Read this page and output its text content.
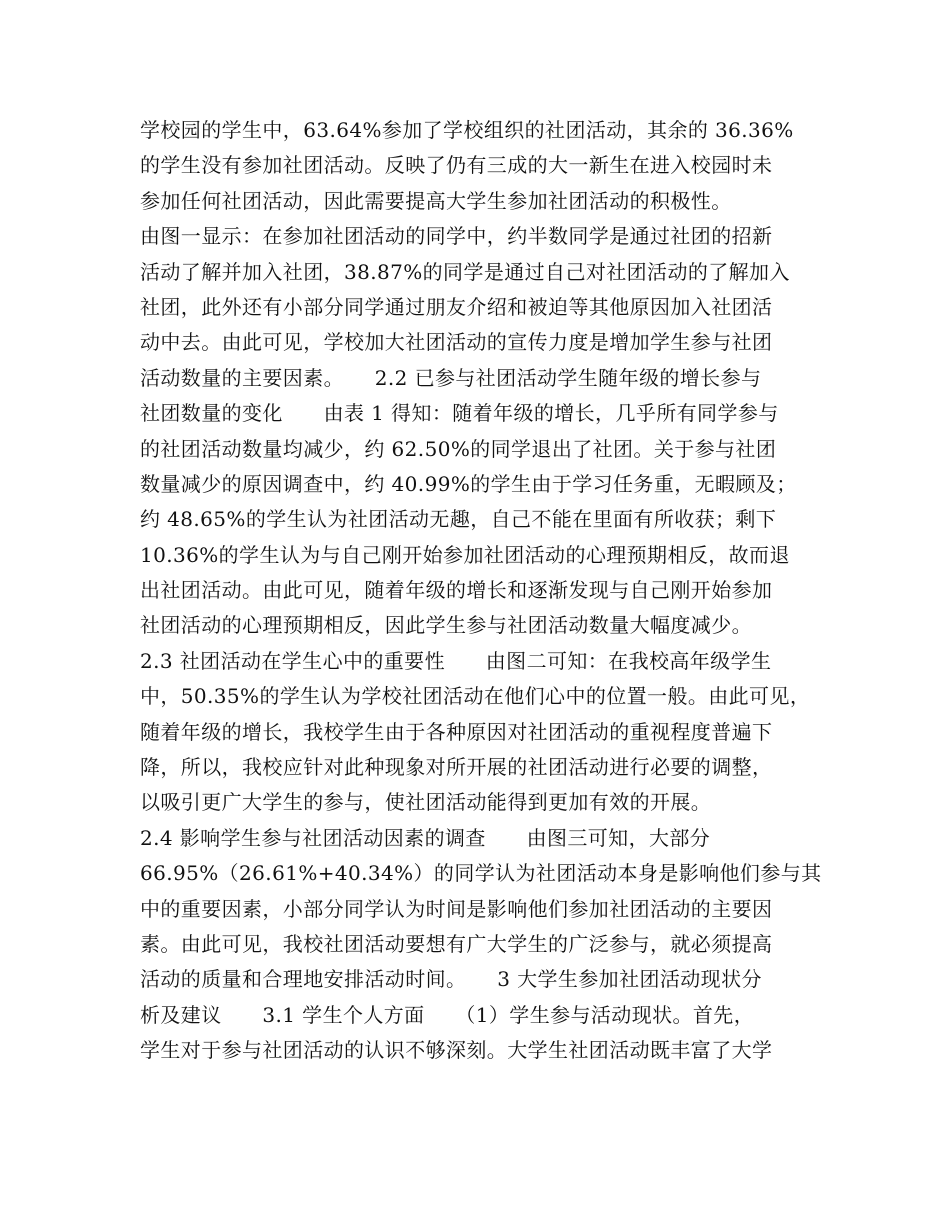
学校园的学生中，63.64%参加了学校组织的社团活动，其余的 36.36%
的学生没有参加社团活动。反映了仍有三成的大一新生在进入校园时未
参加任何社团活动，因此需要提高大学生参加社团活动的积极性。
由图一显示：在参加社团活动的同学中，约半数同学是通过社团的招新
活动了解并加入社团，38.87%的同学是通过自己对社团活动的了解加入
社团，此外还有小部分同学通过朋友介绍和被迫等其他原因加入社团活
动中去。由此可见，学校加大社团活动的宣传力度是增加学生参与社团
活动数量的主要因素。　　2.2 已参与社团活动学生随年级的增长参与
社团数量的变化　　由表 1 得知：随着年级的增长，几乎所有同学参与
的社团活动数量均减少，约 62.50%的同学退出了社团。关于参与社团
数量减少的原因调查中，约 40.99%的学生由于学习任务重，无暇顾及；
约 48.65%的学生认为社团活动无趣，自己不能在里面有所收获；剩下
10.36%的学生认为与自己刚开始参加社团活动的心理预期相反，故而退
出社团活动。由此可见，随着年级的增长和逐渐发现与自己刚开始参加
社团活动的心理预期相反，因此学生参与社团活动数量大幅度减少。
2.3 社团活动在学生心中的重要性　　由图二可知：在我校高年级学生
中，50.35%的学生认为学校社团活动在他们心中的位置一般。由此可见，
随着年级的增长，我校学生由于各种原因对社团活动的重视程度普遍下
降，所以，我校应针对此种现象对所开展的社团活动进行必要的调整，
以吸引更广大学生的参与，使社团活动能得到更加有效的开展。
2.4 影响学生参与社团活动因素的调查　　由图三可知，大部分
66.95%（26.61%+40.34%）的同学认为社团活动本身是影响他们参与其
中的重要因素，小部分同学认为时间是影响他们参加社团活动的主要因
素。由此可见，我校社团活动要想有广大学生的广泛参与，就必须提高
活动的质量和合理地安排活动时间。　　3 大学生参加社团活动现状分
析及建议　　3.1 学生个人方面　　（1）学生参与活动现状。首先，
学生对于参与社团活动的认识不够深刻。大学生社团活动既丰富了大学
